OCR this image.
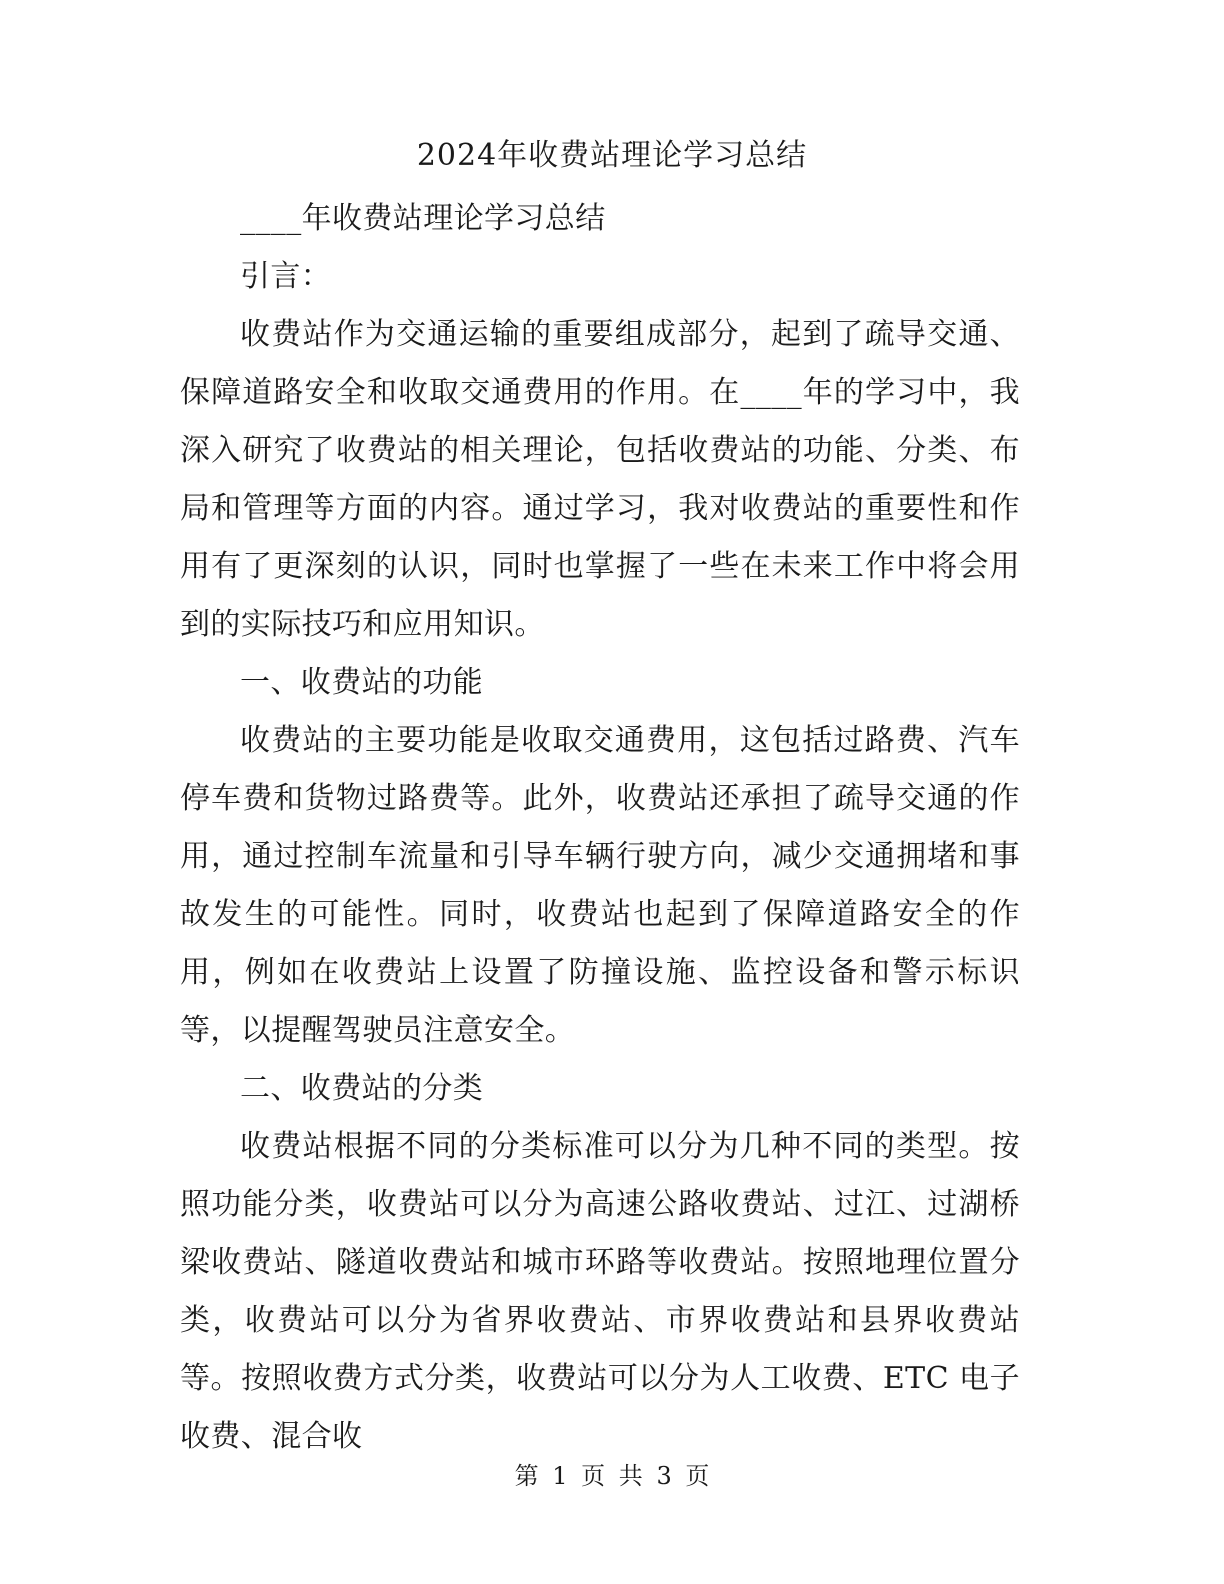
2024年收费站理论学习总结

____年收费站理论学习总结

引言：

收费站作为交通运输的重要组成部分，起到了疏导交通、保障道路安全和收取交通费用的作用。在____年的学习中，我深入研究了收费站的相关理论，包括收费站的功能、分类、布局和管理等方面的内容。通过学习，我对收费站的重要性和作用有了更深刻的认识，同时也掌握了一些在未来工作中将会用到的实际技巧和应用知识。

一、收费站的功能

收费站的主要功能是收取交通费用，这包括过路费、汽车停车费和货物过路费等。此外，收费站还承担了疏导交通的作用，通过控制车流量和引导车辆行驶方向，减少交通拥堵和事故发生的可能性。同时，收费站也起到了保障道路安全的作用，例如在收费站上设置了防撞设施、监控设备和警示标识等，以提醒驾驶员注意安全。

二、收费站的分类

收费站根据不同的分类标准可以分为几种不同的类型。按照功能分类，收费站可以分为高速公路收费站、过江、过湖桥梁收费站、隧道收费站和城市环路等收费站。按照地理位置分类，收费站可以分为省界收费站、市界收费站和县界收费站等。按照收费方式分类，收费站可以分为人工收费、ETC 电子收费、混合收

第 1 页 共 3 页
